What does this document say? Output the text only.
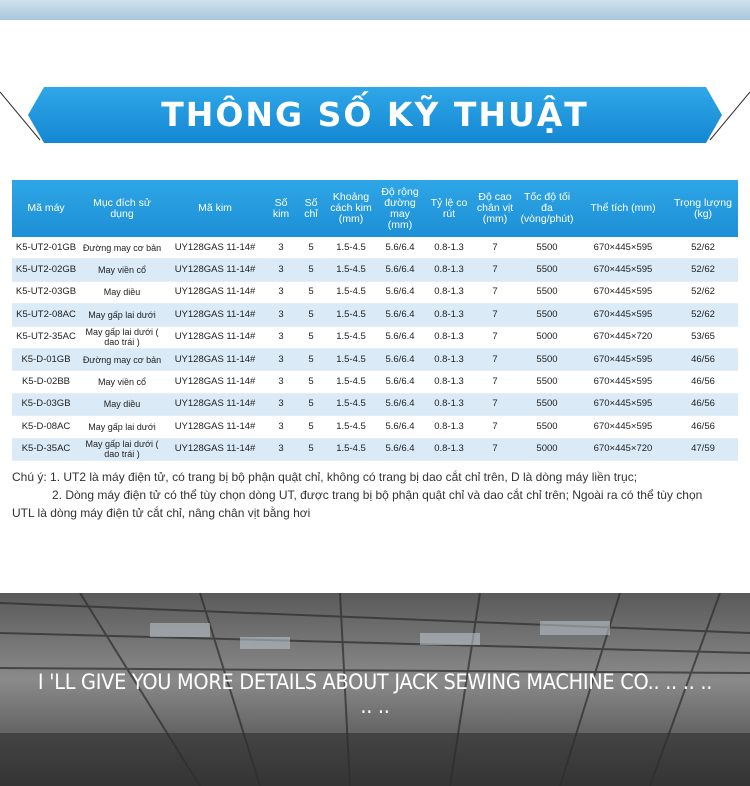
THÔNG SỐ KỸ THUẬT
Mã máy	Mục đích sử dụng	Mã kim	Số kim	Số chỉ	Khoảng cách kim (mm)	Độ rộng đường may (mm)	Tỷ lệ co rút	Độ cao chân vịt (mm)	Tốc độ tối đa (vòng/phút)	Thể tích (mm)	Trọng lượng (kg)
K5-UT2-01GB	Đường may cơ bản	UY128GAS 11-14#	3	5	1.5-4.5	5.6/6.4	0.8-1.3	7	5500	670×445×595	52/62
K5-UT2-02GB	May viền cổ	UY128GAS 11-14#	3	5	1.5-4.5	5.6/6.4	0.8-1.3	7	5500	670×445×595	52/62
K5-UT2-03GB	May diều	UY128GAS 11-14#	3	5	1.5-4.5	5.6/6.4	0.8-1.3	7	5500	670×445×595	52/62
K5-UT2-08AC	May gấp lai dưới	UY128GAS 11-14#	3	5	1.5-4.5	5.6/6.4	0.8-1.3	7	5500	670×445×595	52/62
K5-UT2-35AC	May gấp lai dưới ( dao trái )	UY128GAS 11-14#	3	5	1.5-4.5	5.6/6.4	0.8-1.3	7	5000	670×445×720	53/65
K5-D-01GB	Đường may cơ bản	UY128GAS 11-14#	3	5	1.5-4.5	5.6/6.4	0.8-1.3	7	5500	670×445×595	46/56
K5-D-02BB	May viền cổ	UY128GAS 11-14#	3	5	1.5-4.5	5.6/6.4	0.8-1.3	7	5500	670×445×595	46/56
K5-D-03GB	May diều	UY128GAS 11-14#	3	5	1.5-4.5	5.6/6.4	0.8-1.3	7	5500	670×445×595	46/56
K5-D-08AC	May gấp lai dưới	UY128GAS 11-14#	3	5	1.5-4.5	5.6/6.4	0.8-1.3	7	5500	670×445×595	46/56
K5-D-35AC	May gấp lai dưới ( dao trái )	UY128GAS 11-14#	3	5	1.5-4.5	5.6/6.4	0.8-1.3	7	5000	670×445×720	47/59
Chú ý: 1. UT2 là máy điện tử, có trang bị bộ phận quật chỉ, không có trang bị dao cắt chỉ trên, D là dòng máy liền trục;
2. Dòng máy điện tử có thể tùy chọn dòng UT, được trang bị bộ phận quật chỉ và dao cắt chỉ trên; Ngoài ra có thể tùy chọn
UTL là dòng máy điện tử cắt chỉ, nâng chân vịt bằng hơi
I 'LL GIVE YOU MORE DETAILS ABOUT JACK SEWING MACHINE CO.. .. .. .. .. ..
